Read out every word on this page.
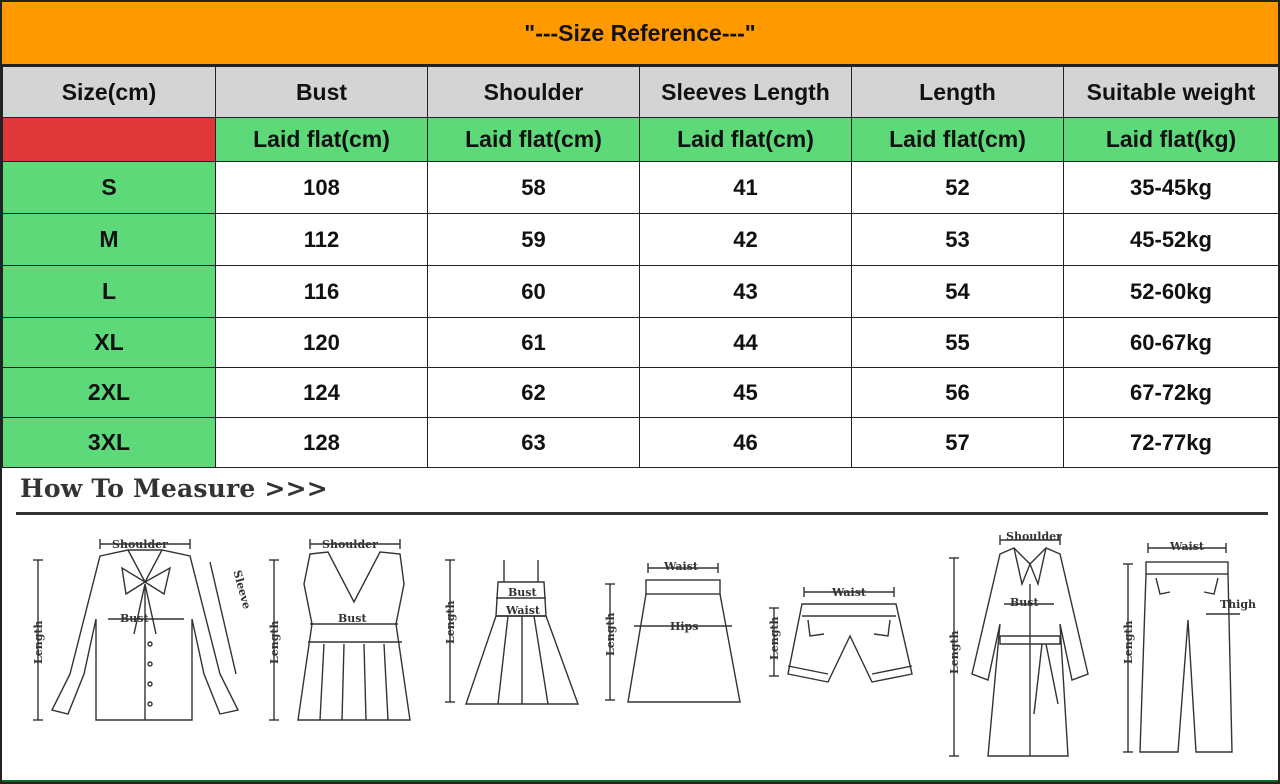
"---Size Reference---"
Size(cm)	Bust	Shoulder	Sleeves Length	Length	Suitable weight
	Laid flat(cm)	Laid flat(cm)	Laid flat(cm)	Laid flat(cm)	Laid flat(kg)
S	108	58	41	52	35-45kg
M	112	59	42	53	45-52kg
L	116	60	43	54	52-60kg
XL	120	61	44	55	60-67kg
2XL	124	62	45	56	67-72kg
3XL	128	63	46	57	72-77kg
How To Measure >>>
Shoulder
Length
Bust
Sleeve
Shoulder
Length
Bust	Length
Bust
Waist
Waist
Length	Hips
Waist
Length
Shoulder
Length
Bust
Waist
Length
Thigh
